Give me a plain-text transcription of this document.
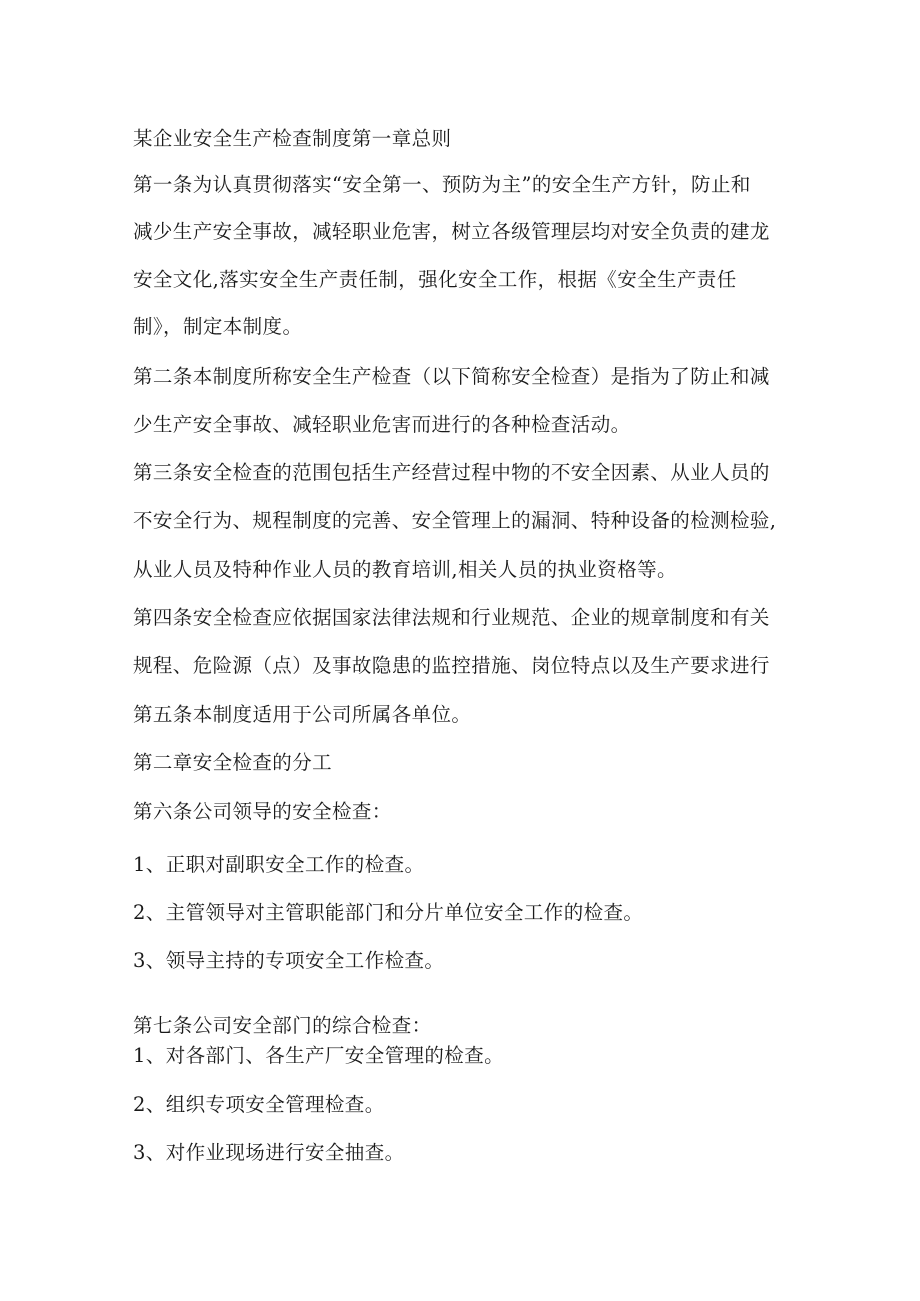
某企业安全生产检查制度第一章总则
第一条为认真贯彻落实“安全第一、预防为主”的安全生产方针，防止和
减少生产安全事故，减轻职业危害，树立各级管理层均对安全负责的建龙
安全文化,落实安全生产责任制，强化安全工作，根据《安全生产责任
制》，制定本制度。
第二条本制度所称安全生产检查（以下简称安全检查）是指为了防止和减
少生产安全事故、减轻职业危害而进行的各种检查活动。
第三条安全检查的范围包括生产经营过程中物的不安全因素、从业人员的
不安全行为、规程制度的完善、安全管理上的漏洞、特种设备的检测检验,
从业人员及特种作业人员的教育培训,相关人员的执业资格等。
第四条安全检查应依据国家法律法规和行业规范、企业的规章制度和有关
规程、危险源（点）及事故隐患的监控措施、岗位特点以及生产要求进行
第五条本制度适用于公司所属各单位。
第二章安全检查的分工
第六条公司领导的安全检查：
1、正职对副职安全工作的检查。
2、主管领导对主管职能部门和分片单位安全工作的检查。
3、领导主持的专项安全工作检查。
第七条公司安全部门的综合检查：
1、对各部门、各生产厂安全管理的检查。
2、组织专项安全管理检查。
3、对作业现场进行安全抽查。
